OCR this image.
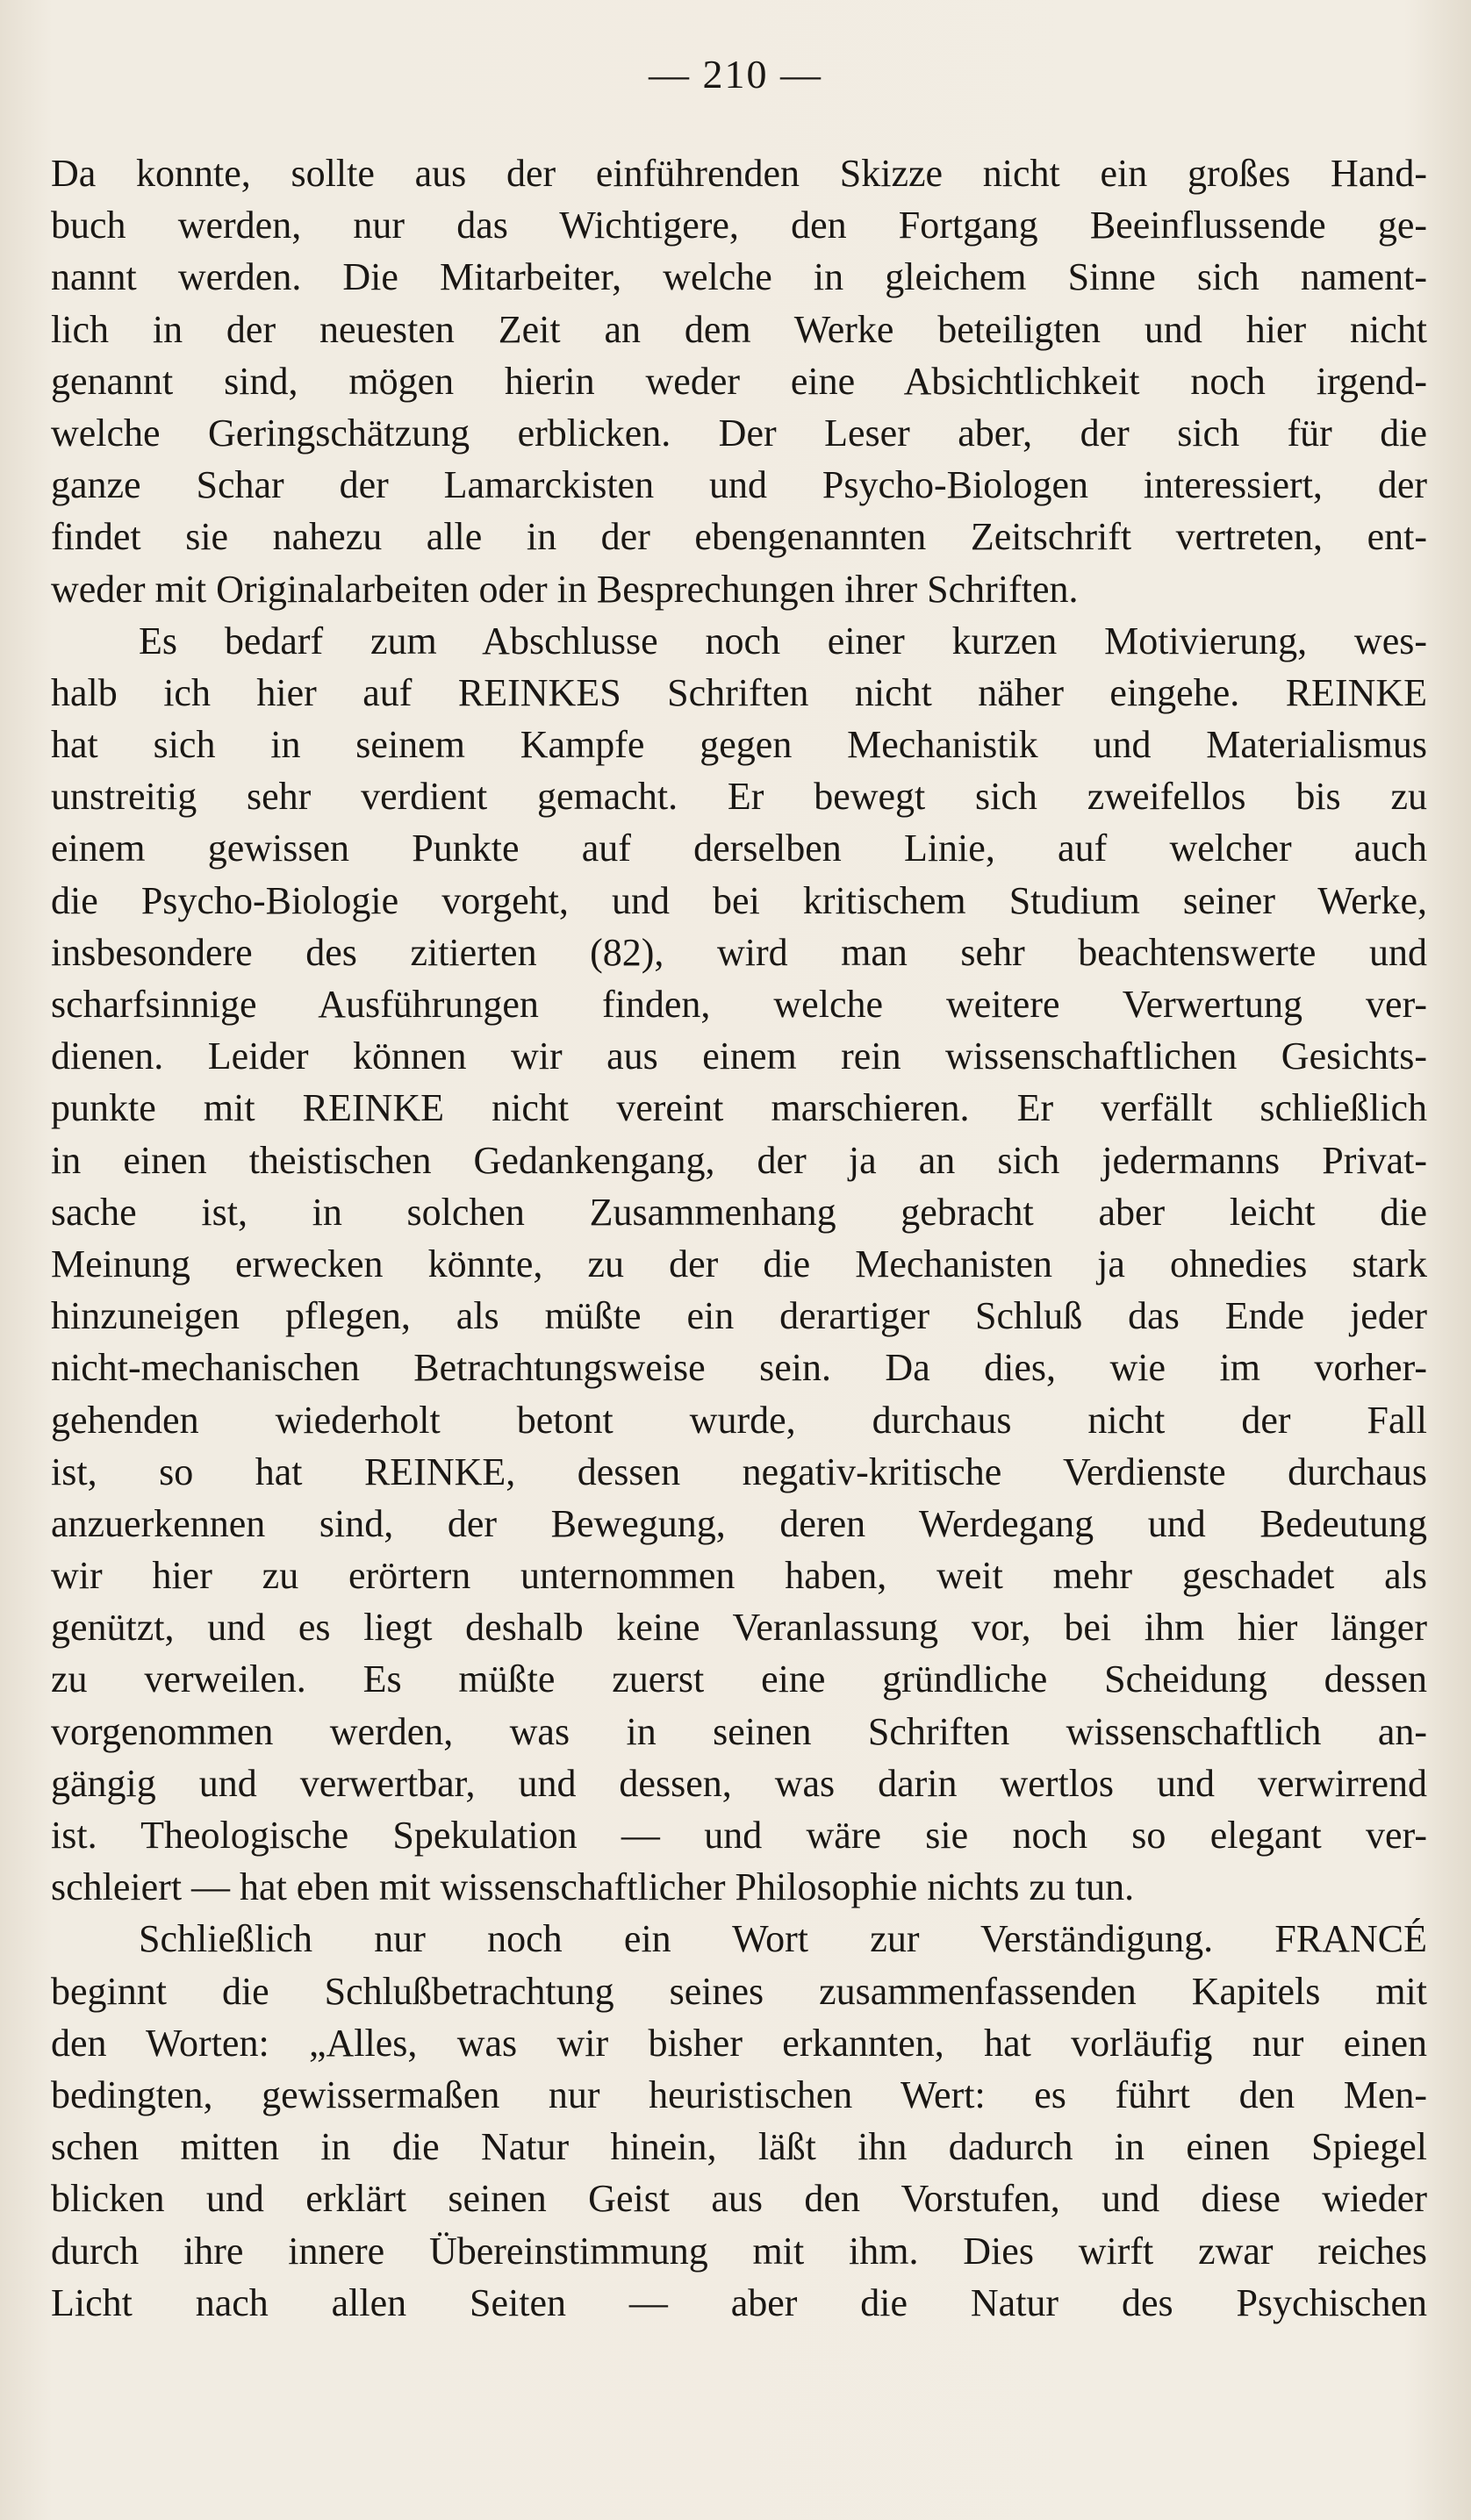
— 210 —
Da konnte, sollte aus der einführenden Skizze nicht ein großes Hand-
buch werden, nur das Wichtigere, den Fortgang Beeinflussende ge-
nannt werden. Die Mitarbeiter, welche in gleichem Sinne sich nament-
lich in der neuesten Zeit an dem Werke beteiligten und hier nicht
genannt sind, mögen hierin weder eine Absichtlichkeit noch irgend-
welche Geringschätzung erblicken. Der Leser aber, der sich für die
ganze Schar der Lamarckisten und Psycho-Biologen interessiert, der
findet sie nahezu alle in der ebengenannten Zeitschrift vertreten, ent-
weder mit Originalarbeiten oder in Besprechungen ihrer Schriften.
Es bedarf zum Abschlusse noch einer kurzen Motivierung, wes-
halb ich hier auf REINKES Schriften nicht näher eingehe. REINKE
hat sich in seinem Kampfe gegen Mechanistik und Materialismus
unstreitig sehr verdient gemacht. Er bewegt sich zweifellos bis zu
einem gewissen Punkte auf derselben Linie, auf welcher auch
die Psycho-Biologie vorgeht, und bei kritischem Studium seiner Werke,
insbesondere des zitierten (82), wird man sehr beachtenswerte und
scharfsinnige Ausführungen finden, welche weitere Verwertung ver-
dienen. Leider können wir aus einem rein wissenschaftlichen Gesichts-
punkte mit REINKE nicht vereint marschieren. Er verfällt schließlich
in einen theistischen Gedankengang, der ja an sich jedermanns Privat-
sache ist, in solchen Zusammenhang gebracht aber leicht die
Meinung erwecken könnte, zu der die Mechanisten ja ohnedies stark
hinzuneigen pflegen, als müßte ein derartiger Schluß das Ende jeder
nicht-mechanischen Betrachtungsweise sein. Da dies, wie im vorher-
gehenden wiederholt betont wurde, durchaus nicht der Fall
ist, so hat REINKE, dessen negativ-kritische Verdienste durchaus
anzuerkennen sind, der Bewegung, deren Werdegang und Bedeutung
wir hier zu erörtern unternommen haben, weit mehr geschadet als
genützt, und es liegt deshalb keine Veranlassung vor, bei ihm hier länger
zu verweilen. Es müßte zuerst eine gründliche Scheidung dessen
vorgenommen werden, was in seinen Schriften wissenschaftlich an-
gängig und verwertbar, und dessen, was darin wertlos und verwirrend
ist. Theologische Spekulation — und wäre sie noch so elegant ver-
schleiert — hat eben mit wissenschaftlicher Philosophie nichts zu tun.
Schließlich nur noch ein Wort zur Verständigung. FRANCÉ
beginnt die Schlußbetrachtung seines zusammenfassenden Kapitels mit
den Worten: „Alles, was wir bisher erkannten, hat vorläufig nur einen
bedingten, gewissermaßen nur heuristischen Wert: es führt den Men-
schen mitten in die Natur hinein, läßt ihn dadurch in einen Spiegel
blicken und erklärt seinen Geist aus den Vorstufen, und diese wieder
durch ihre innere Übereinstimmung mit ihm. Dies wirft zwar reiches
Licht nach allen Seiten — aber die Natur des Psychischen
